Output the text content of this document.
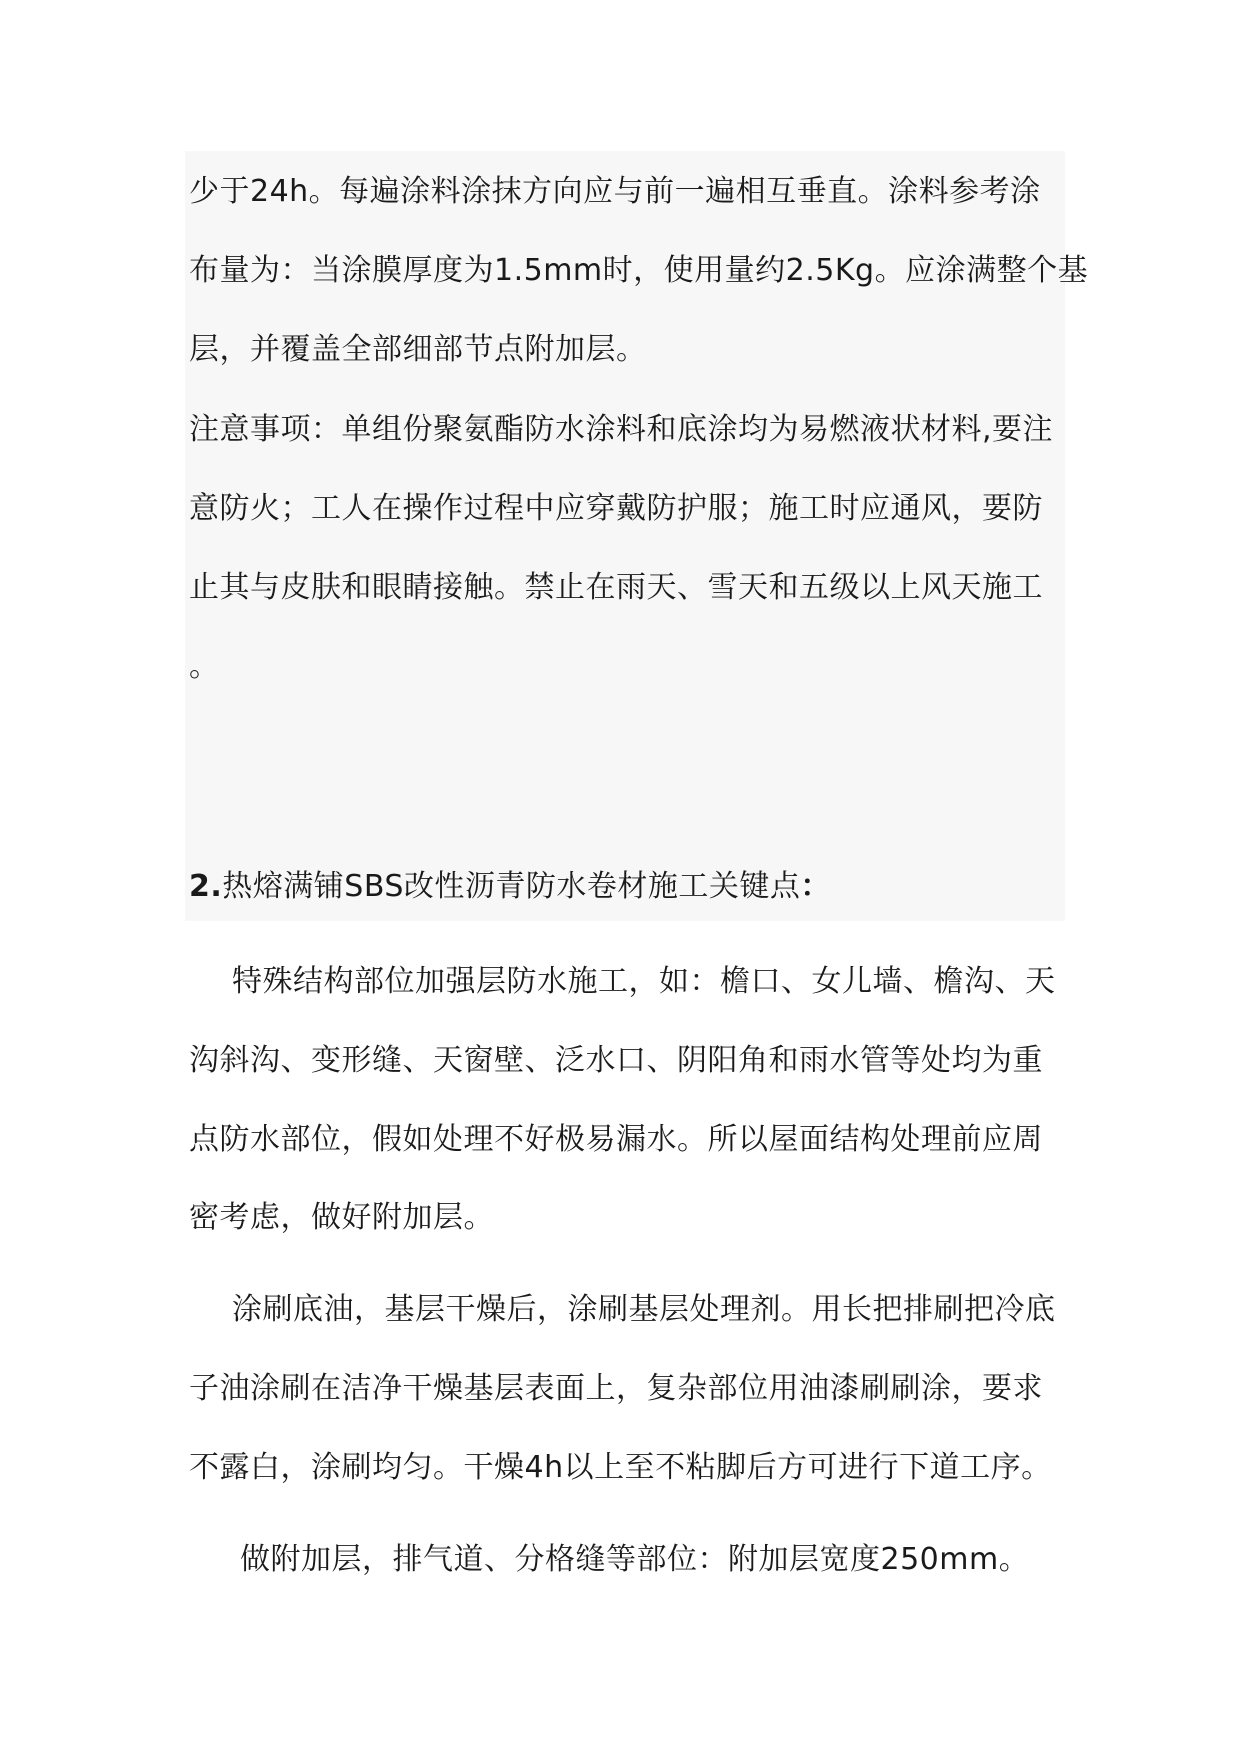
少于24h。每遍涂料涂抹方向应与前一遍相互垂直。涂料参考涂
布量为：当涂膜厚度为1.5mm时，使用量约2.5Kg。应涂满整个基
层，并覆盖全部细部节点附加层。
注意事项：单组份聚氨酯防水涂料和底涂均为易燃液状材料,要注
意防火；工人在操作过程中应穿戴防护服；施工时应通风，要防
止其与皮肤和眼睛接触。禁止在雨天、雪天和五级以上风天施工
。
2.热熔满铺SBS改性沥青防水卷材施工关键点：
特殊结构部位加强层防水施工，如：檐口、女儿墙、檐沟、天
沟斜沟、变形缝、天窗壁、泛水口、阴阳角和雨水管等处均为重
点防水部位，假如处理不好极易漏水。所以屋面结构处理前应周
密考虑，做好附加层。
涂刷底油，基层干燥后，涂刷基层处理剂。用长把排刷把冷底
子油涂刷在洁净干燥基层表面上，复杂部位用油漆刷刷涂，要求
不露白，涂刷均匀。干燥4h以上至不粘脚后方可进行下道工序。
做附加层，排气道、分格缝等部位：附加层宽度250mm。
